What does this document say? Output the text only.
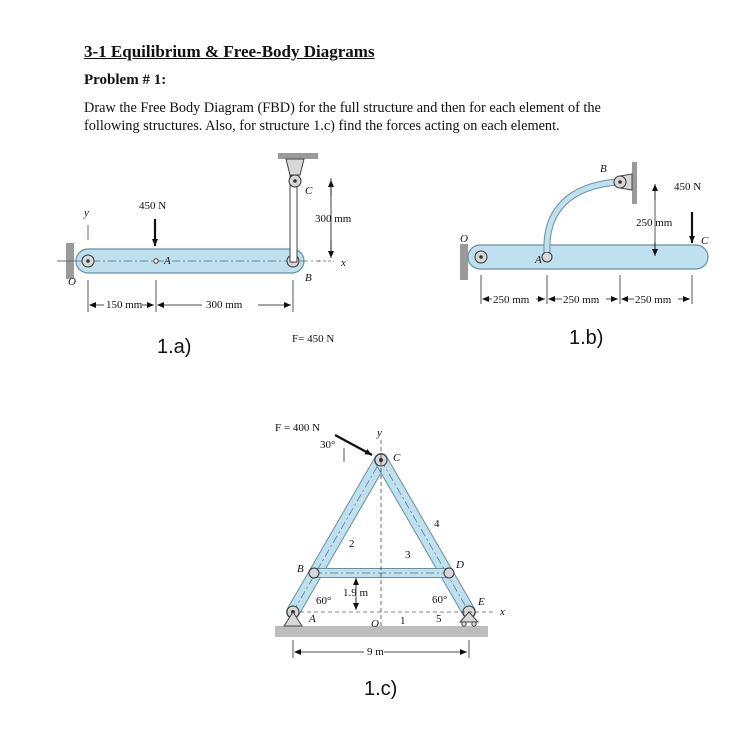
3-1 Equilibrium & Free-Body Diagrams
Problem # 1:

Draw the Free Body Diagram (FBD) for the full structure and then for each element of the

following structures. Also, for structure 1.c) find the forces acting on each element.

450 N
y
x
O
A
B
C
150 mm	300 mm
300 mm
F= 450 N
1.a)
250 mm	250 mm	250 mm
450 N
250 mm
O
A
B
C
1.b)
F = 400 N
30°
y
C
2
4
3
B	D
60°	60°
1.9 m
E
x
A	O 1	5
9 m
1.c)
